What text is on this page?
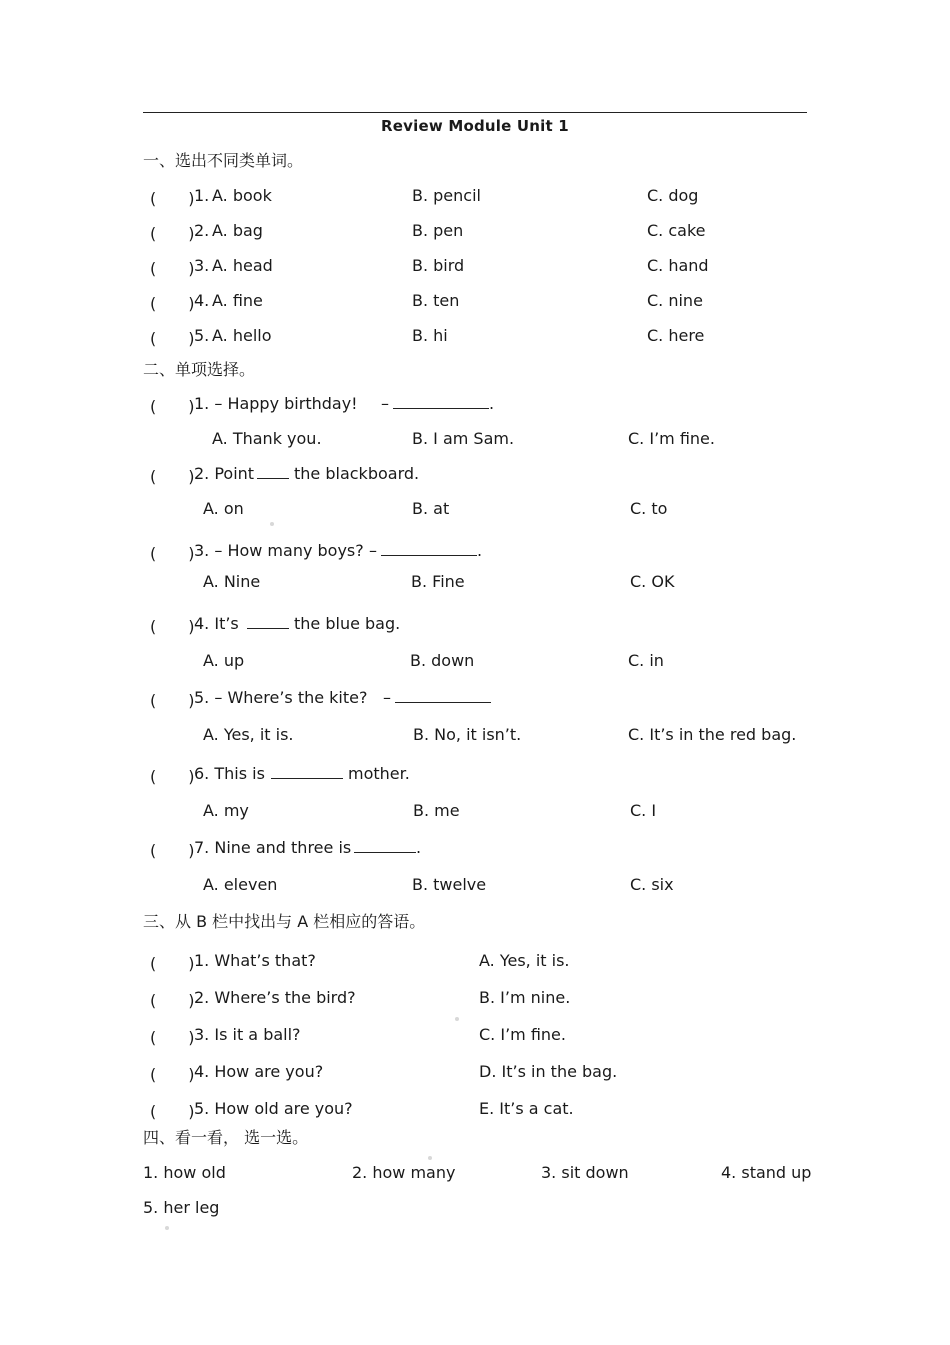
Review Module Unit 1
一、选出不同类单词。
(　　) 1. A. book	B. pencil	C. dog
(　　) 2. A. bag	B. pen	C. cake
(　　) 3. A. head	B. bird	C. hand
(　　) 4. A. fine	B. ten	C. nine
(　　) 5. A. hello	B. hi	C. here
二、单项选择。
(　　) 1. – Happy birthday! –	.
A. Thank you.	B. I am Sam.	C. I’m fine.
(　　) 2. Point the blackboard.
A. on	B. at	C. to
(　　) 3. – How many boys? –	.
A. Nine	B. Fine	C. OK
(　　) 4. It’s	the blue bag.
A. up	B. down	C. in
(　　) 5. – Where’s the kite? –
A. Yes, it is.	B. No, it isn’t.	C. It’s in the red bag.
(　　) 6. This is	mother.
A. my	B. me	C. I
(　　) 7. Nine and three is	.
A. eleven	B. twelve	C. six
三、从 B 栏中找出与 A 栏相应的答语。
(　　) 1. What’s that?	A. Yes, it is.
(　　) 2. Where’s the bird?	B. I’m nine.
(　　) 3. Is it a ball?	C. I’m fine.
(　　) 4. How are you?	D. It’s in the bag.
(　　) 5. How old are you?	E. It’s a cat.
四、看一看， 选一选。
1. how old	2. how many	3. sit down	4. stand up
5. her leg
